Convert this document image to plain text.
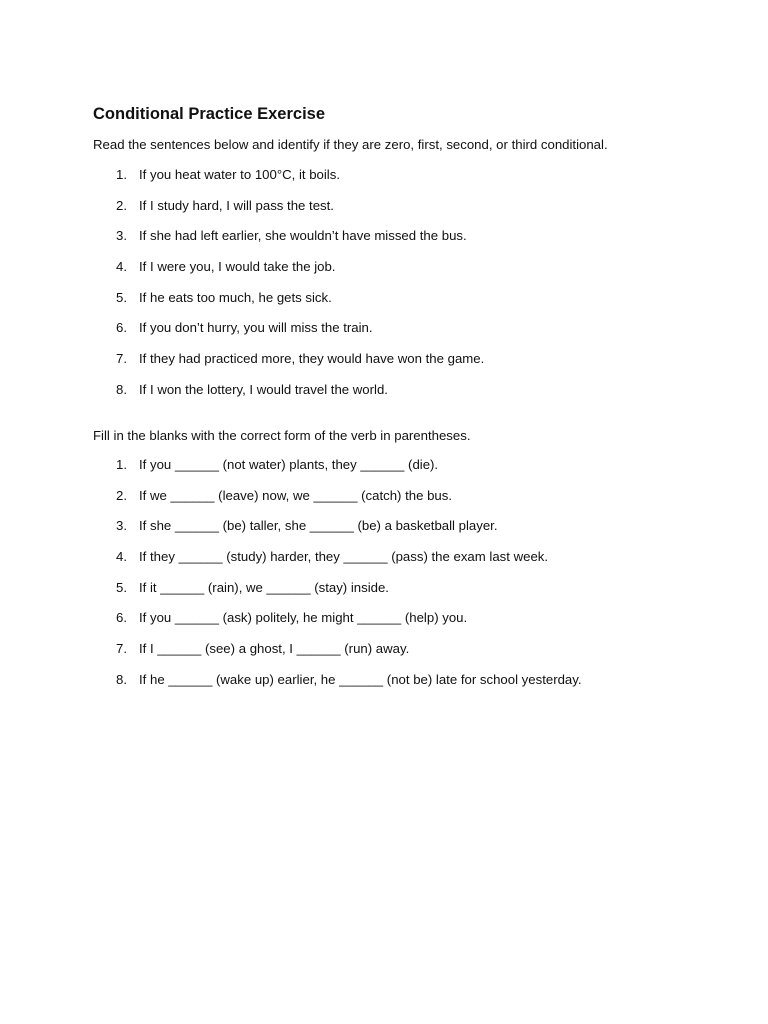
Conditional Practice Exercise

Read the sentences below and identify if they are zero, first, second, or third conditional.

1. If you heat water to 100°C, it boils.
2. If I study hard, I will pass the test.
3. If she had left earlier, she wouldn’t have missed the bus.
4. If I were you, I would take the job.
5. If he eats too much, he gets sick.
6. If you don’t hurry, you will miss the train.
7. If they had practiced more, they would have won the game.
8. If I won the lottery, I would travel the world.

Fill in the blanks with the correct form of the verb in parentheses.

1. If you ______ (not water) plants, they ______ (die).
2. If we ______ (leave) now, we ______ (catch) the bus.
3. If she ______ (be) taller, she ______ (be) a basketball player.
4. If they ______ (study) harder, they ______ (pass) the exam last week.
5. If it ______ (rain), we ______ (stay) inside.
6. If you ______ (ask) politely, he might ______ (help) you.
7. If I ______ (see) a ghost, I ______ (run) away.
8. If he ______ (wake up) earlier, he ______ (not be) late for school yesterday.
